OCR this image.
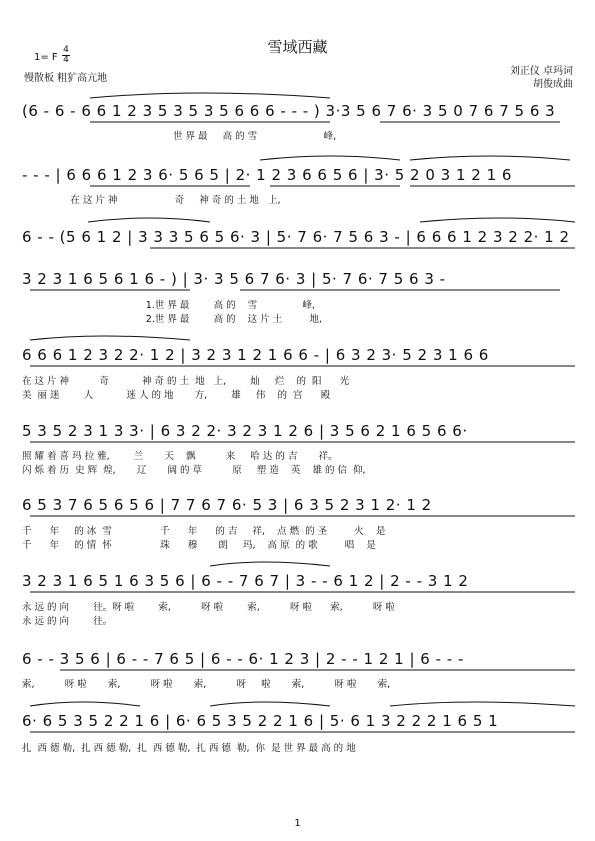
雪域西藏
1= F
4
4
慢散板 粗犷高亢地
刘正仪 卓玛词
胡俊成曲
(6 - 6 - 6 6 1 2 3 5 3 5 3 5 6 6 6 - - - ) 3·3 5 6 7 6· 3 5 0 7 6 7 5 6 3
世 界 最     高 的 雪                      峰,
- - - | 6 6 6 1 2 3 6· 5 6 5 | 2· 1 2 3 6 6 5 6 | 3· 5 2 0 3 1 2 1 6
在 这 片 神                   奇     神 奇 的 土 地   上,
6 - - (5 6 1 2 | 3 3 3 5 6 5 6· 3 | 5· 7 6· 7 5 6 3 - | 6 6 6 1 2 3 2 2· 1 2
3 2 3 1 6 5 6 1 6 - ) | 3· 3 5 6 7 6· 3 | 5· 7 6· 7 5 6 3 -
1.世 界 最        高 的    雪               峰,
2.世 界 最        高 的    这 片 土         地,
6 6 6 1 2 3 2 2· 1 2 | 3 2 3 1 2 1 6 6 - | 6 3 2 3· 5 2 3 1 6 6
在 这 片 神          奇           神 奇 的 土  地   上,        灿     烂    的  阳      光
美  丽 迷        人           迷 人 的 地       方,        雄     伟    的  宫      殿
5 3 5 2 3 1 3 3· | 6 3 2 2· 3 2 3 1 2 6 | 3 5 6 2 1 6 5 6 6·
照 耀 着 喜 玛 拉 雅,        兰       天    飘          来     哈 达 的 吉       祥。
闪 烁 着 历  史 辉  煌,       辽       阔 的 草          原     塑 造    英    雄 的 信  仰,
6 5 3 7 6 5 6 5 6 | 7 7 6 7 6· 5 3 | 6 3 5 2 3 1 2· 1 2
千      年     的 冰  雪                千      年      的 吉     祥,    点 燃  的 圣         火    是
千      年     的 情  怀                珠      穆       朗     玛,    高 原  的 歌         唱    是
3 2 3 1 6 5 1 6 3 5 6 | 6 - - 7 6 7 | 3 - - 6 1 2 | 2 - - 3 1 2
永 远 的 向        往。呀 啦        索,          呀 啦        索,          呀 啦      索,          呀 啦
永 远 的 向        往。
6 - - 3 5 6 | 6 - - 7 6 5 | 6 - - 6· 1 2 3 | 2 - - 1 2 1 | 6 - - -
索,          呀 啦       索,          呀 啦       索,          呀     啦       索,          呀 啦       索,
6· 6 5 3 5 2 2 1 6 | 6· 6 5 3 5 2 2 1 6 | 5· 6 1 3 2 2 2 1 6 5 1
扎  西 德 勒,  扎 西 德 勒,  扎  西 德 勒,  扎 西 德  勒,  你  是 世 界 最 高 的 地
1
